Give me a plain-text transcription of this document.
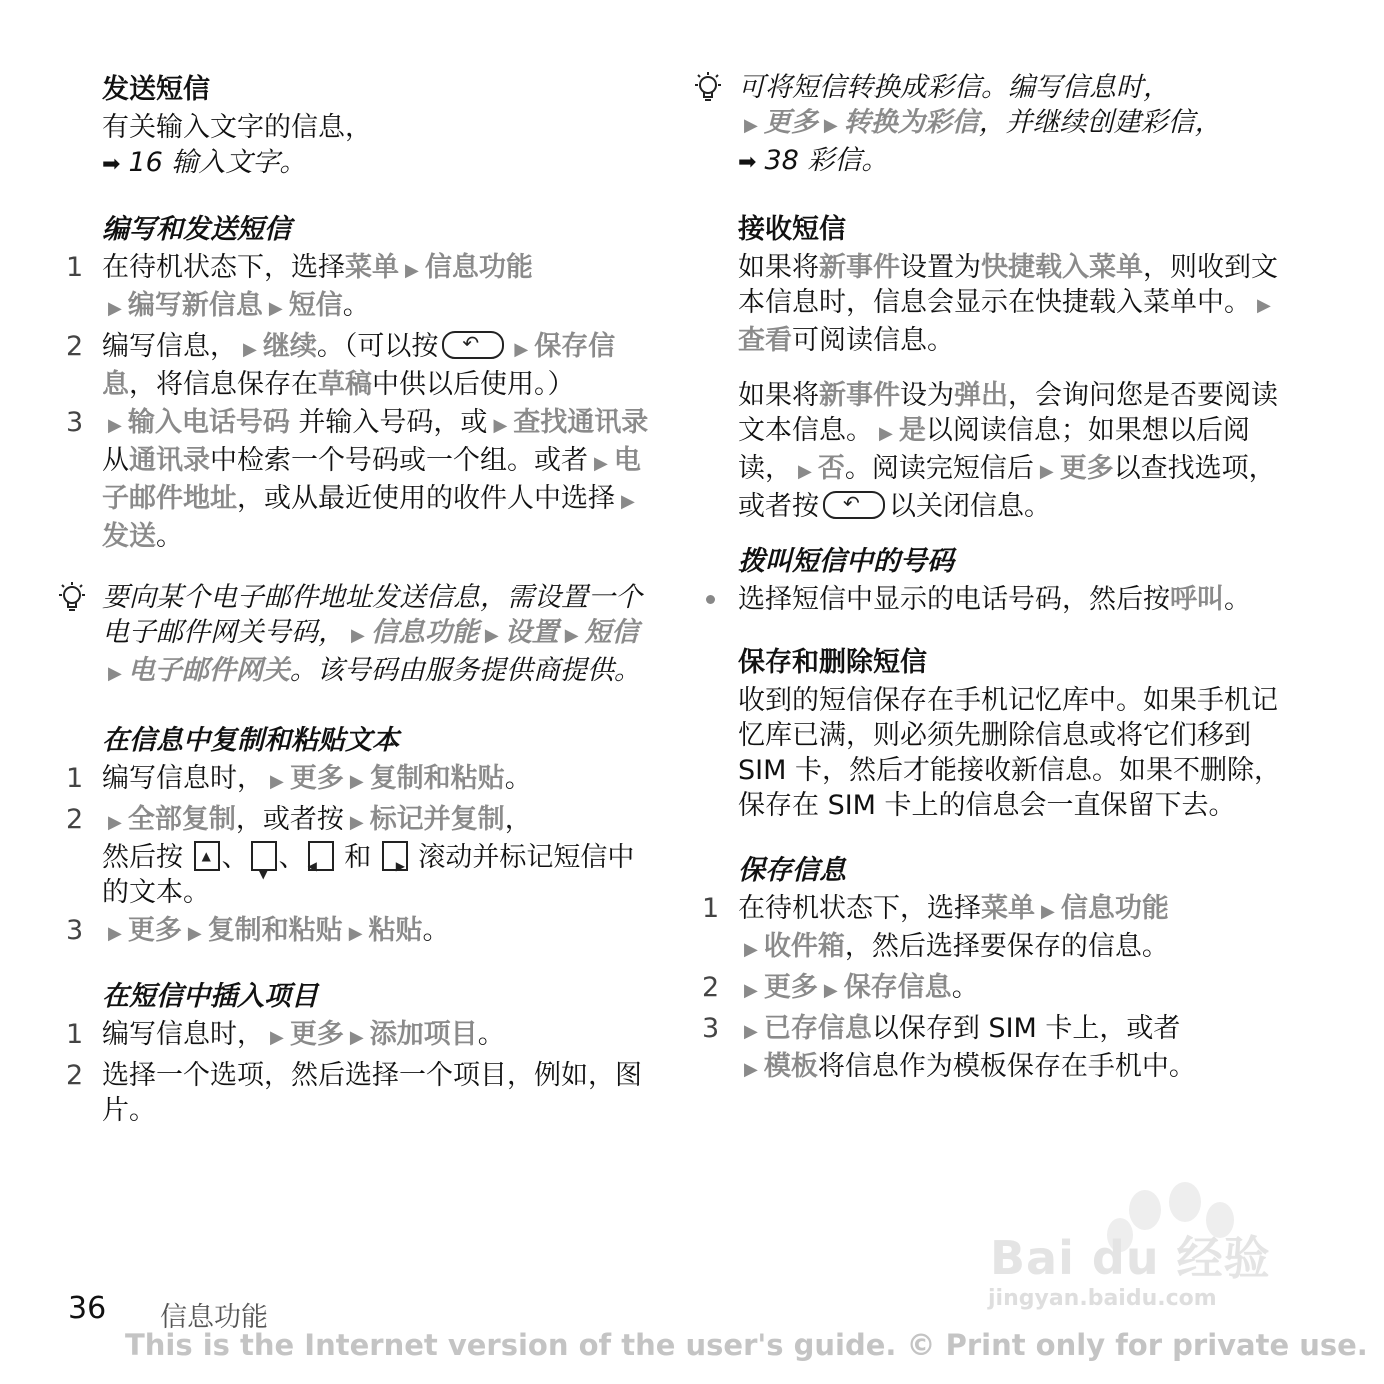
发送短信

有关输入文字的信息，

➡ 16 输入文字。

编写和发送短信
1 在待机状态下，选择菜单 ▶ 信息功能
▶ 编写新信息 ▶ 短信。
2 编写信息， ▶ 继续。（可以按 ↶	▶ 保存信息，将信息保存在草稿中供以后使用。）
3 ▶ 输入电话号码 并输入号码，或 ▶ 查找通讯录从通讯录中检索一个号码或一个组。或者 ▶ 电子邮件地址，或从最近使用的收件人中选择 ▶发送。
要向某个电子邮件地址发送信息，需设置一个电子邮件网关号码， ▶ 信息功能 ▶ 设置 ▶ 短信▶ 电子邮件网关。该号码由服务提供商提供。
在信息中复制和粘贴文本
1 编写信息时， ▶ 更多 ▶ 复制和粘贴。
2 ▶ 全部复制，或者按 ▶ 标记并复制，
然后按 ▲ 、
▼
、 ◀ 和 ▶ 滚动并标记短信中的文本。
3 ▶ 更多 ▶ 复制和粘贴 ▶ 粘贴。
在短信中插入项目
1 编写信息时， ▶ 更多 ▶ 添加项目。
2 选择一个选项，然后选择一个项目，例如，图片。
可将短信转换成彩信。编写信息时，
▶ 更多 ▶ 转换为彩信，并继续创建彩信，
➡ 38 彩信。
接收短信

如果将新事件设置为快捷载入菜单，则收到文本信息时，信息会显示在快捷载入菜单中。 ▶查看可阅读信息。

如果将新事件设为弹出，会询问您是否要阅读文本信息。 ▶ 是以阅读信息；如果想以后阅读， ▶ 否。阅读完短信后 ▶ 更多以查找选项，或者按 ↶	以关闭信息。

拨叫短信中的号码
选择短信中显示的电话号码，然后按呼叫。
保存和删除短信

收到的短信保存在手机记忆库中。如果手机记忆库已满，则必须先删除信息或将它们移到 SIM 卡，然后才能接收新信息。如果不删除，保存在 SIM 卡上的信息会一直保留下去。

保存信息
1 在待机状态下，选择菜单 ▶ 信息功能
▶ 收件箱，然后选择要保存的信息。
2 ▶ 更多 ▶ 保存信息。
3 ▶ 已存信息以保存到 SIM 卡上，或者
▶ 模板将信息作为模板保存在手机中。
Bai du 经验
jingyan.baidu.com
36 信息功能
This is the Internet version of the user's guide. © Print only for private use.
